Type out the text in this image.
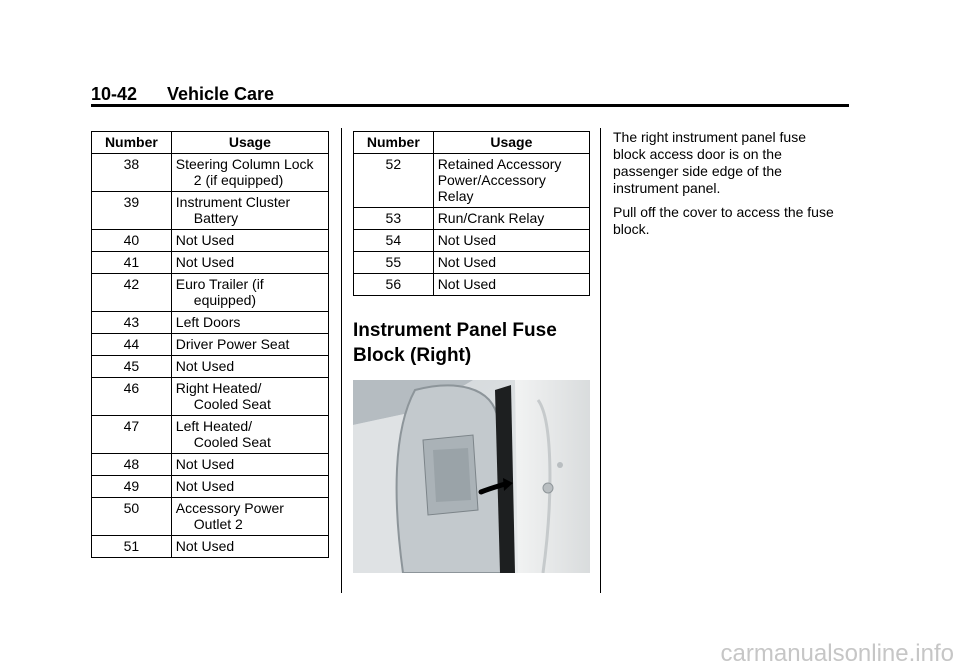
10-42 Vehicle Care
Number	Usage
38	Steering Column Lock
2 (if equipped)

39	Instrument Cluster
Battery

40	Not Used

41	Not Used

42	Euro Trailer (if
equipped)

43	Left Doors

44	Driver Power Seat

45	Not Used

46	Right Heated/
Cooled Seat

47	Left Heated/
Cooled Seat

48	Not Used

49	Not Used

50	Accessory Power
Outlet 2

51	Not Used
Number	Usage
52	Retained Accessory
Power/Accessory
Relay

53	Run/Crank Relay

54	Not Used

55	Not Used

56	Not Used
Instrument Panel Fuse Block (Right)

The right instrument panel fuse block access door is on the passenger side edge of the instrument panel.

Pull off the cover to access the fuse block.

carmanualsonline.info
